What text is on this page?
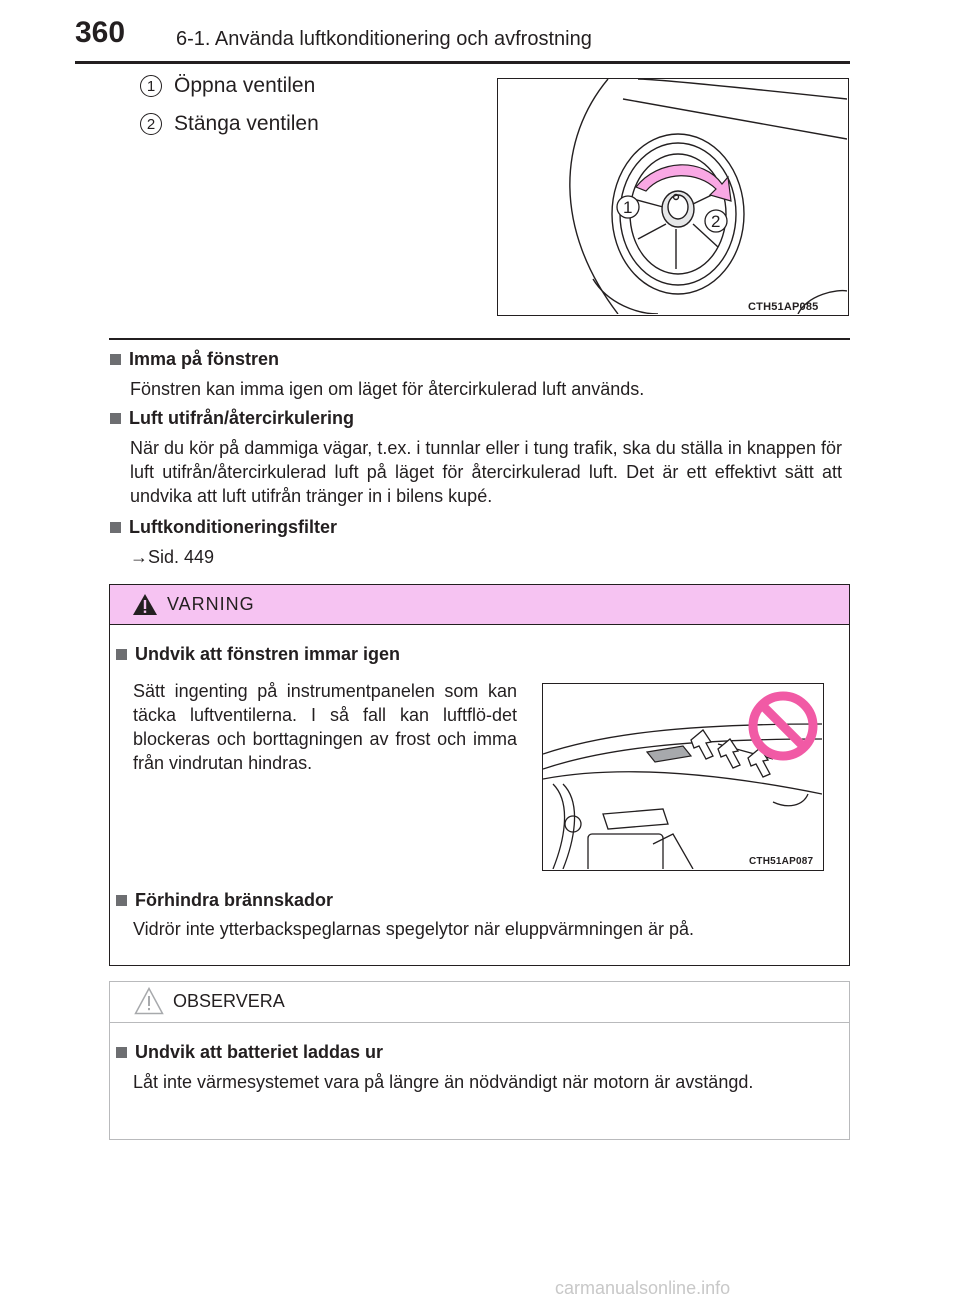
360	6-1. Använda luftkonditionering och avfrostning
1 Öppna ventilen
2 Stänga ventilen
1
2
CTH51AP085
Imma på fönstren
Fönstren kan imma igen om läget för återcirkulerad luft används.
Luft utifrån/återcirkulering
När du kör på dammiga vägar, t.ex. i tunnlar eller i tung trafik, ska du ställa in knappen för luft utifrån/återcirkulerad luft på läget för återcirkulerad luft. Det är ett effektivt sätt att undvika att luft utifrån tränger in i bilens kupé.
Luftkonditioneringsfilter
→Sid. 449
VARNING
Undvik att fönstren immar igen
Sätt ingenting på instrumentpanelen som kan täcka luftventilerna. I så fall kan luftflö-det blockeras och borttagningen av frost och imma från vindrutan hindras.
CTH51AP087
Förhindra brännskador
Vidrör inte ytterbackspeglarnas spegelytor när eluppvärmningen är på.
OBSERVERA
Undvik att batteriet laddas ur
Låt inte värmesystemet vara på längre än nödvändigt när motorn är avstängd.
carmanualsonline.info
